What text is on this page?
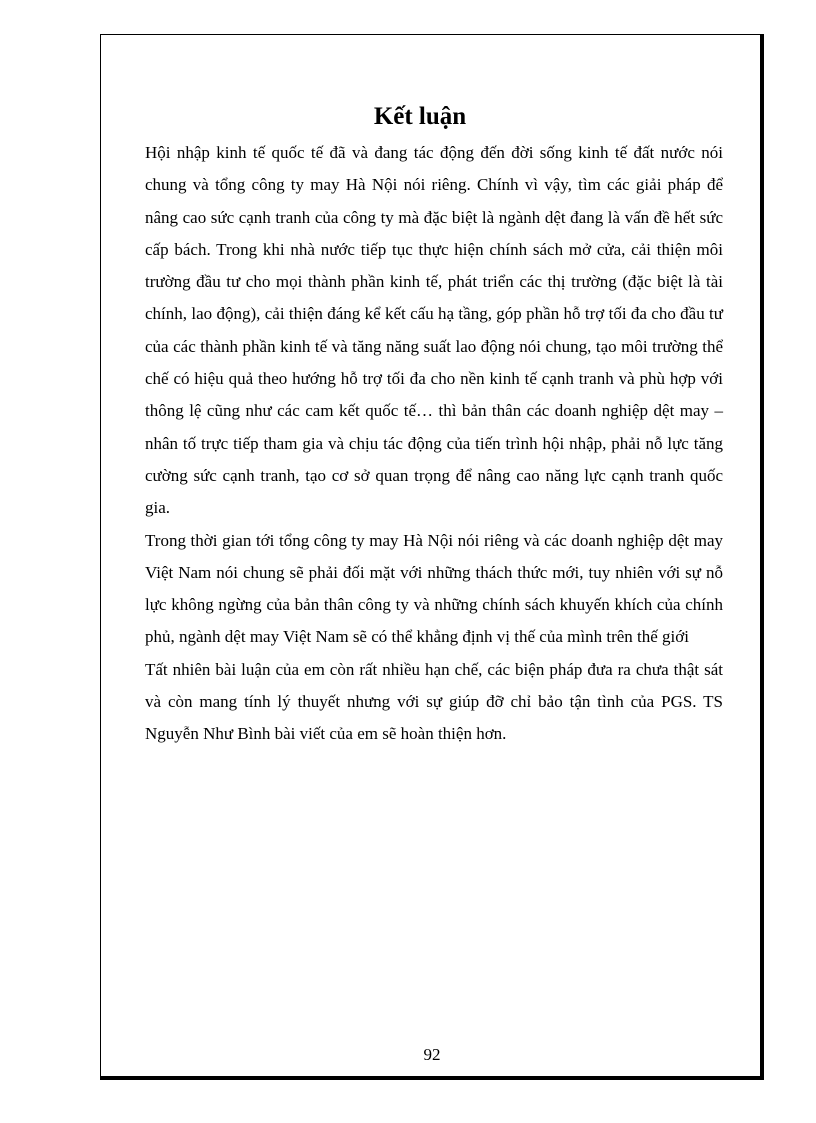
Kết luận

Hội nhập kinh tế quốc tế đã và đang tác động đến đời sống kinh tế đất nước nói chung và tổng công ty may Hà Nội nói riêng. Chính vì vậy, tìm các giải pháp để nâng cao sức cạnh tranh của công ty mà đặc biệt là ngành dệt đang là vấn đề hết sức cấp bách. Trong khi nhà nước tiếp tục thực hiện chính sách mở cửa, cải thiện môi trường đầu tư cho mọi thành phần kinh tế, phát triển các thị trường (đặc biệt là tài chính, lao động), cải thiện đáng kể kết cấu hạ tầng, góp phần hỗ trợ tối đa cho đầu tư của các thành phần kinh tế và tăng năng suất lao động nói chung, tạo môi trường thể chế có hiệu quả theo hướng hỗ trợ tối đa cho nền kinh tế cạnh tranh và phù hợp với thông lệ cũng như các cam kết quốc tế… thì bản thân các doanh nghiệp dệt may – nhân tố trực tiếp tham gia và chịu tác động của tiến trình hội nhập, phải nỗ lực tăng cường sức cạnh tranh, tạo cơ sở quan trọng để nâng cao năng lực cạnh tranh quốc gia.

Trong thời gian tới tổng công ty may Hà Nội nói riêng và các doanh nghiệp dệt may Việt Nam nói chung sẽ phải đối mặt với những thách thức mới, tuy nhiên với sự nỗ lực không ngừng của bản thân công ty và những chính sách khuyến khích của chính phủ, ngành dệt may Việt Nam sẽ có thể khẳng định vị thế của mình trên thế giới

Tất nhiên bài luận của em còn rất nhiều hạn chế, các biện pháp đưa ra chưa thật sát và còn mang tính lý thuyết nhưng với sự giúp đỡ chỉ bảo tận tình của PGS. TS Nguyễn Như Bình bài viết của em sẽ hoàn thiện hơn.

92
